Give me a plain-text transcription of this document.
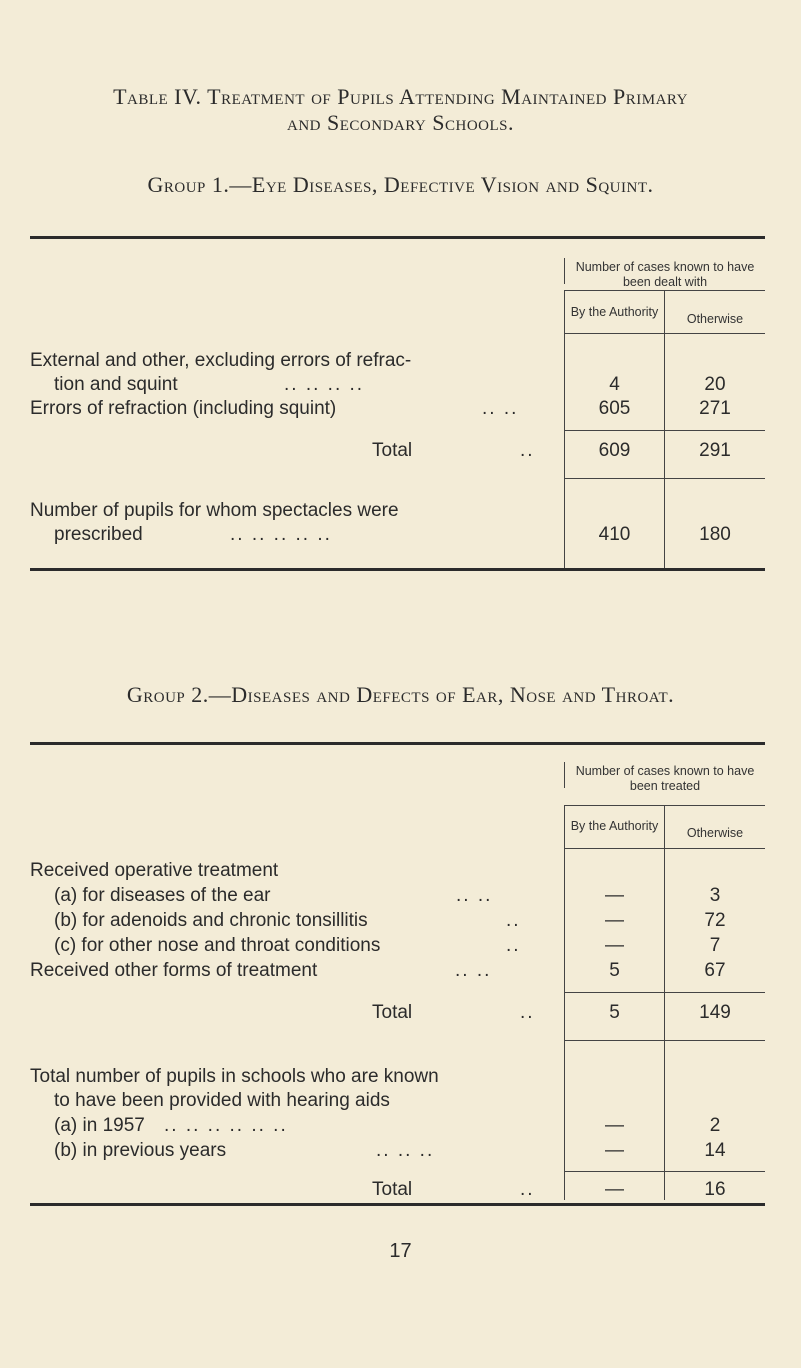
Table IV. Treatment of Pupils Attending Maintained Primary
and Secondary Schools.
Group 1.—Eye Diseases, Defective Vision and Squint.
Number of cases known to have been dealt with
By the Authority	Otherwise
External and other, excluding errors of refrac-
tion and squint	.. .. .. ..	4	20
Errors of refraction (including squint)	.. ..	605	271
Total	..	609	291
Number of pupils for whom spectacles were
prescribed	.. .. .. .. ..	410	180
Group 2.—Diseases and Defects of Ear, Nose and Throat.
Number of cases known to have been treated
By the Authority	Otherwise
Received operative treatment
(a) for diseases of the ear	.. ..	—	3
(b) for adenoids and chronic tonsillitis	..	—	72
(c) for other nose and throat conditions	..	—	7
Received other forms of treatment	.. ..	5	67
Total	..	5	149
Total number of pupils in schools who are known
to have been provided with hearing aids
(a) in 1957 .. .. .. .. .. ..	—	2
(b) in previous years	.. .. ..	—	14
Total	..	—	16
17
